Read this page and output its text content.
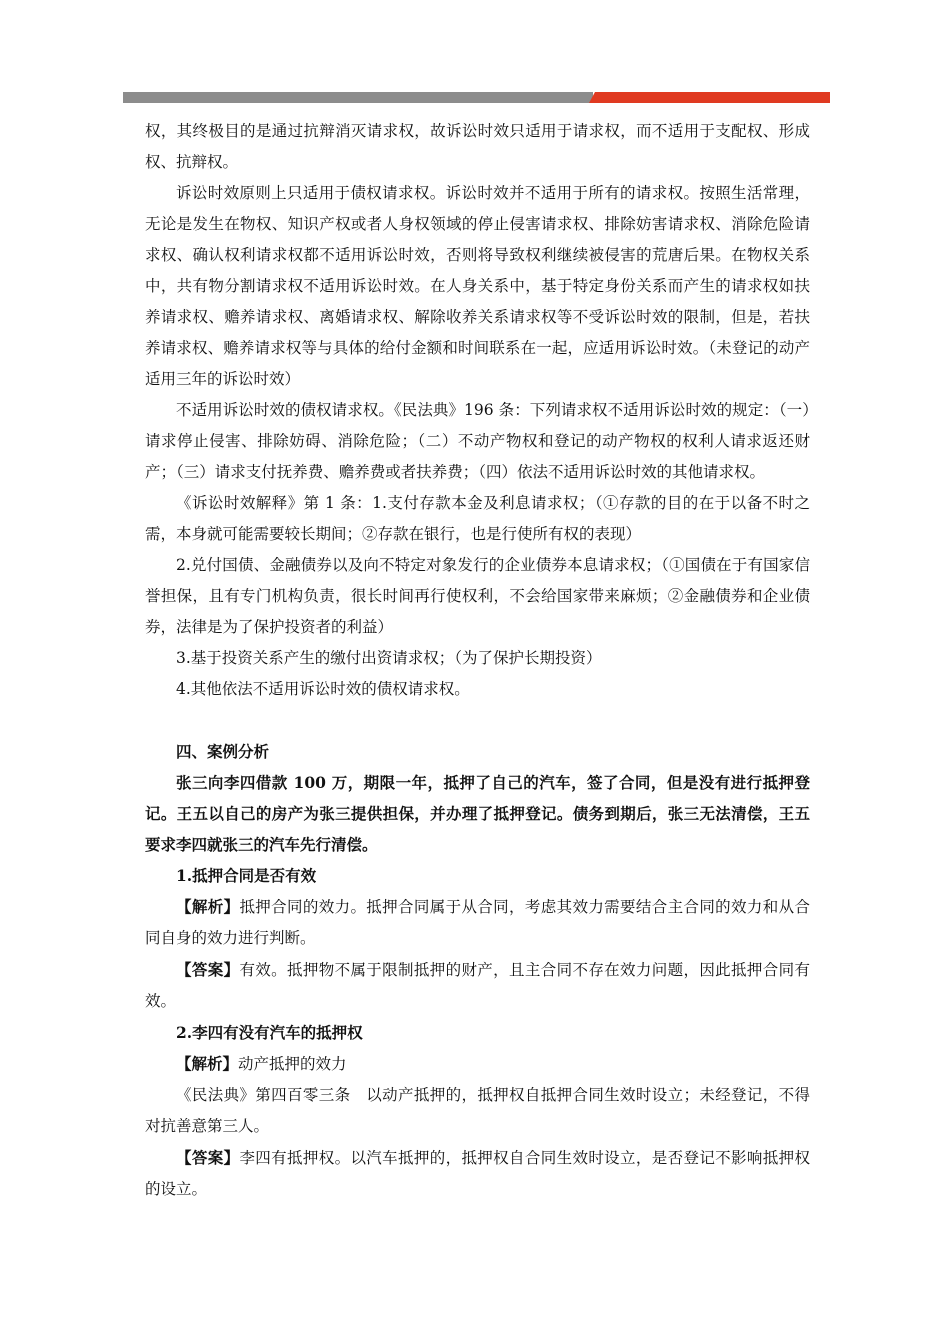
权，其终极目的是通过抗辩消灭请求权，故诉讼时效只适用于请求权，而不适用于支配权、形成权、抗辩权。

诉讼时效原则上只适用于债权请求权。诉讼时效并不适用于所有的请求权。按照生活常理，无论是发生在物权、知识产权或者人身权领域的停止侵害请求权、排除妨害请求权、消除危险请求权、确认权利请求权都不适用诉讼时效，否则将导致权利继续被侵害的荒唐后果。在物权关系中，共有物分割请求权不适用诉讼时效。在人身关系中，基于特定身份关系而产生的请求权如扶养请求权、赡养请求权、离婚请求权、解除收养关系请求权等不受诉讼时效的限制，但是，若扶养请求权、赡养请求权等与具体的给付金额和时间联系在一起，应适用诉讼时效。（未登记的动产适用三年的诉讼时效）

不适用诉讼时效的债权请求权。《民法典》196 条：下列请求权不适用诉讼时效的规定：（一）请求停止侵害、排除妨碍、消除危险；（二）不动产物权和登记的动产物权的权利人请求返还财产；（三）请求支付抚养费、赡养费或者扶养费；（四）依法不适用诉讼时效的其他请求权。

《诉讼时效解释》第 1 条：1.支付存款本金及利息请求权；（①存款的目的在于以备不时之需，本身就可能需要较长期间；②存款在银行，也是行使所有权的表现）

2.兑付国债、金融债券以及向不特定对象发行的企业债券本息请求权；（①国债在于有国家信誉担保，且有专门机构负责，很长时间再行使权利，不会给国家带来麻烦；②金融债券和企业债券，法律是为了保护投资者的利益）

3.基于投资关系产生的缴付出资请求权；（为了保护长期投资）

4.其他依法不适用诉讼时效的债权请求权。

四、案例分析

张三向李四借款 100 万，期限一年，抵押了自己的汽车，签了合同，但是没有进行抵押登记。王五以自己的房产为张三提供担保，并办理了抵押登记。债务到期后，张三无法清偿，王五要求李四就张三的汽车先行清偿。

1.抵押合同是否有效

【解析】抵押合同的效力。抵押合同属于从合同，考虑其效力需要结合主合同的效力和从合同自身的效力进行判断。

【答案】有效。抵押物不属于限制抵押的财产，且主合同不存在效力问题，因此抵押合同有效。

2.李四有没有汽车的抵押权

【解析】动产抵押的效力

《民法典》第四百零三条　以动产抵押的，抵押权自抵押合同生效时设立；未经登记，不得对抗善意第三人。

【答案】李四有抵押权。以汽车抵押的，抵押权自合同生效时设立，是否登记不影响抵押权的设立。
